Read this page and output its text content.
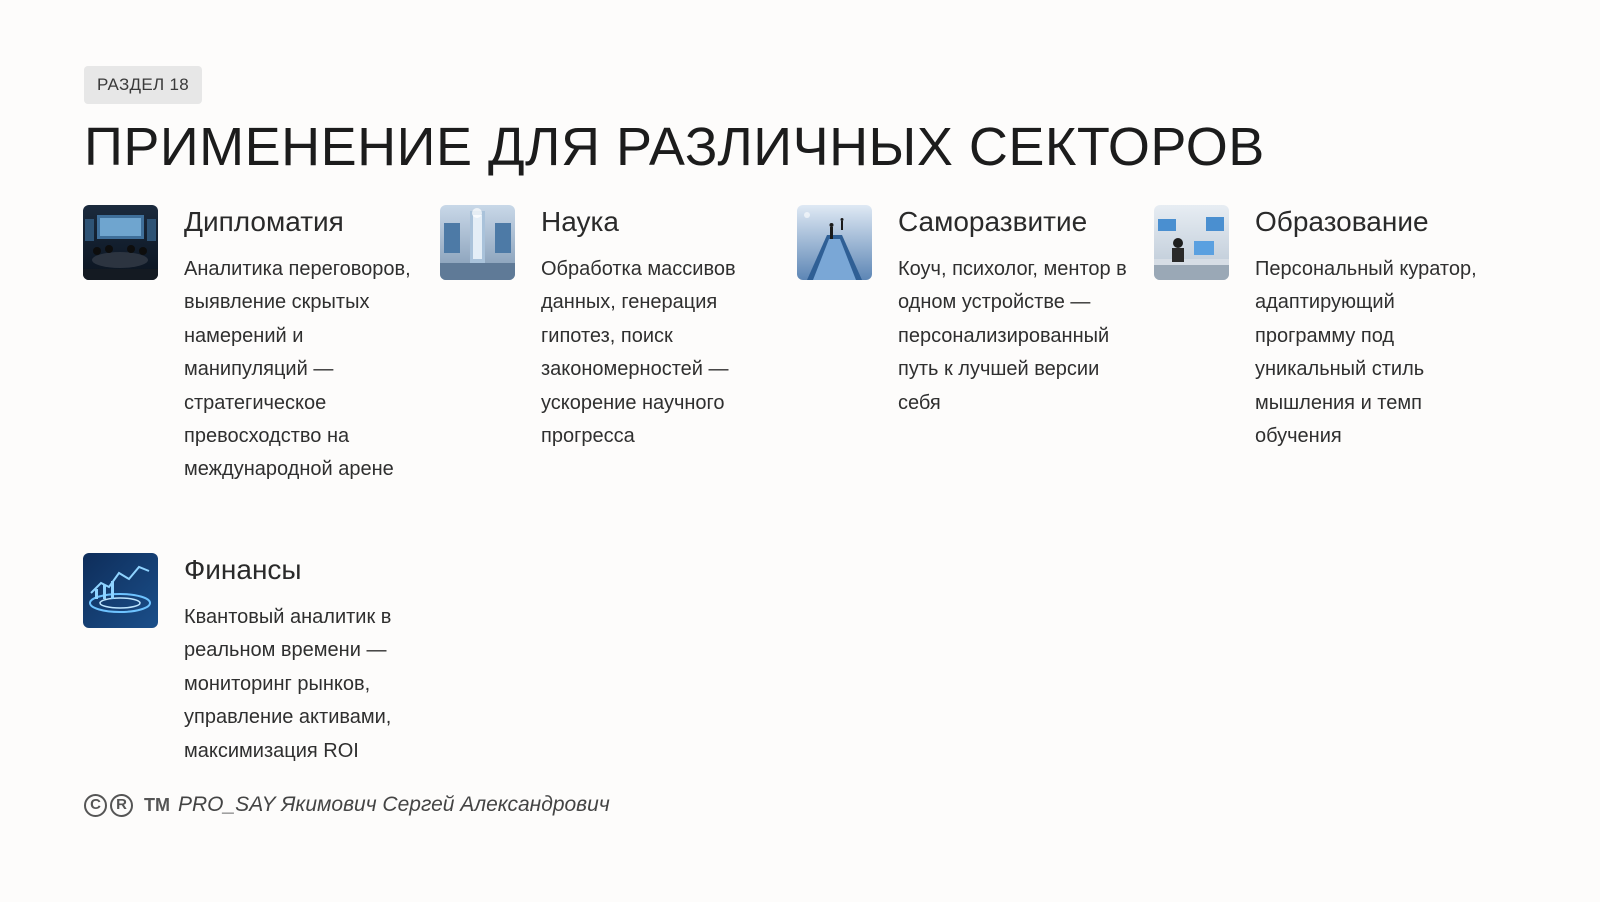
РАЗДЕЛ 18
ПРИМЕНЕНИЕ ДЛЯ РАЗЛИЧНЫХ СЕКТОРОВ
Дипломатия

Аналитика переговоров, выявление скрытых намерений и манипуляций — стратегическое превосходство на международной арене

Наука

Обработка массивов данных, генерация гипотез, поиск закономерностей — ускорение научного прогресса

Саморазвитие

Коуч, психолог, ментор в одном устройстве — персонализированный путь к лучшей версии себя

Образование

Персональный куратор, адаптирующий программу под уникальный стиль мышления и темп обучения

Финансы

Квантовый аналитик в реальном времени — мониторинг рынков, управление активами, максимизация ROI

C	R TM PRO_SAY Якимович Сергей Александрович
